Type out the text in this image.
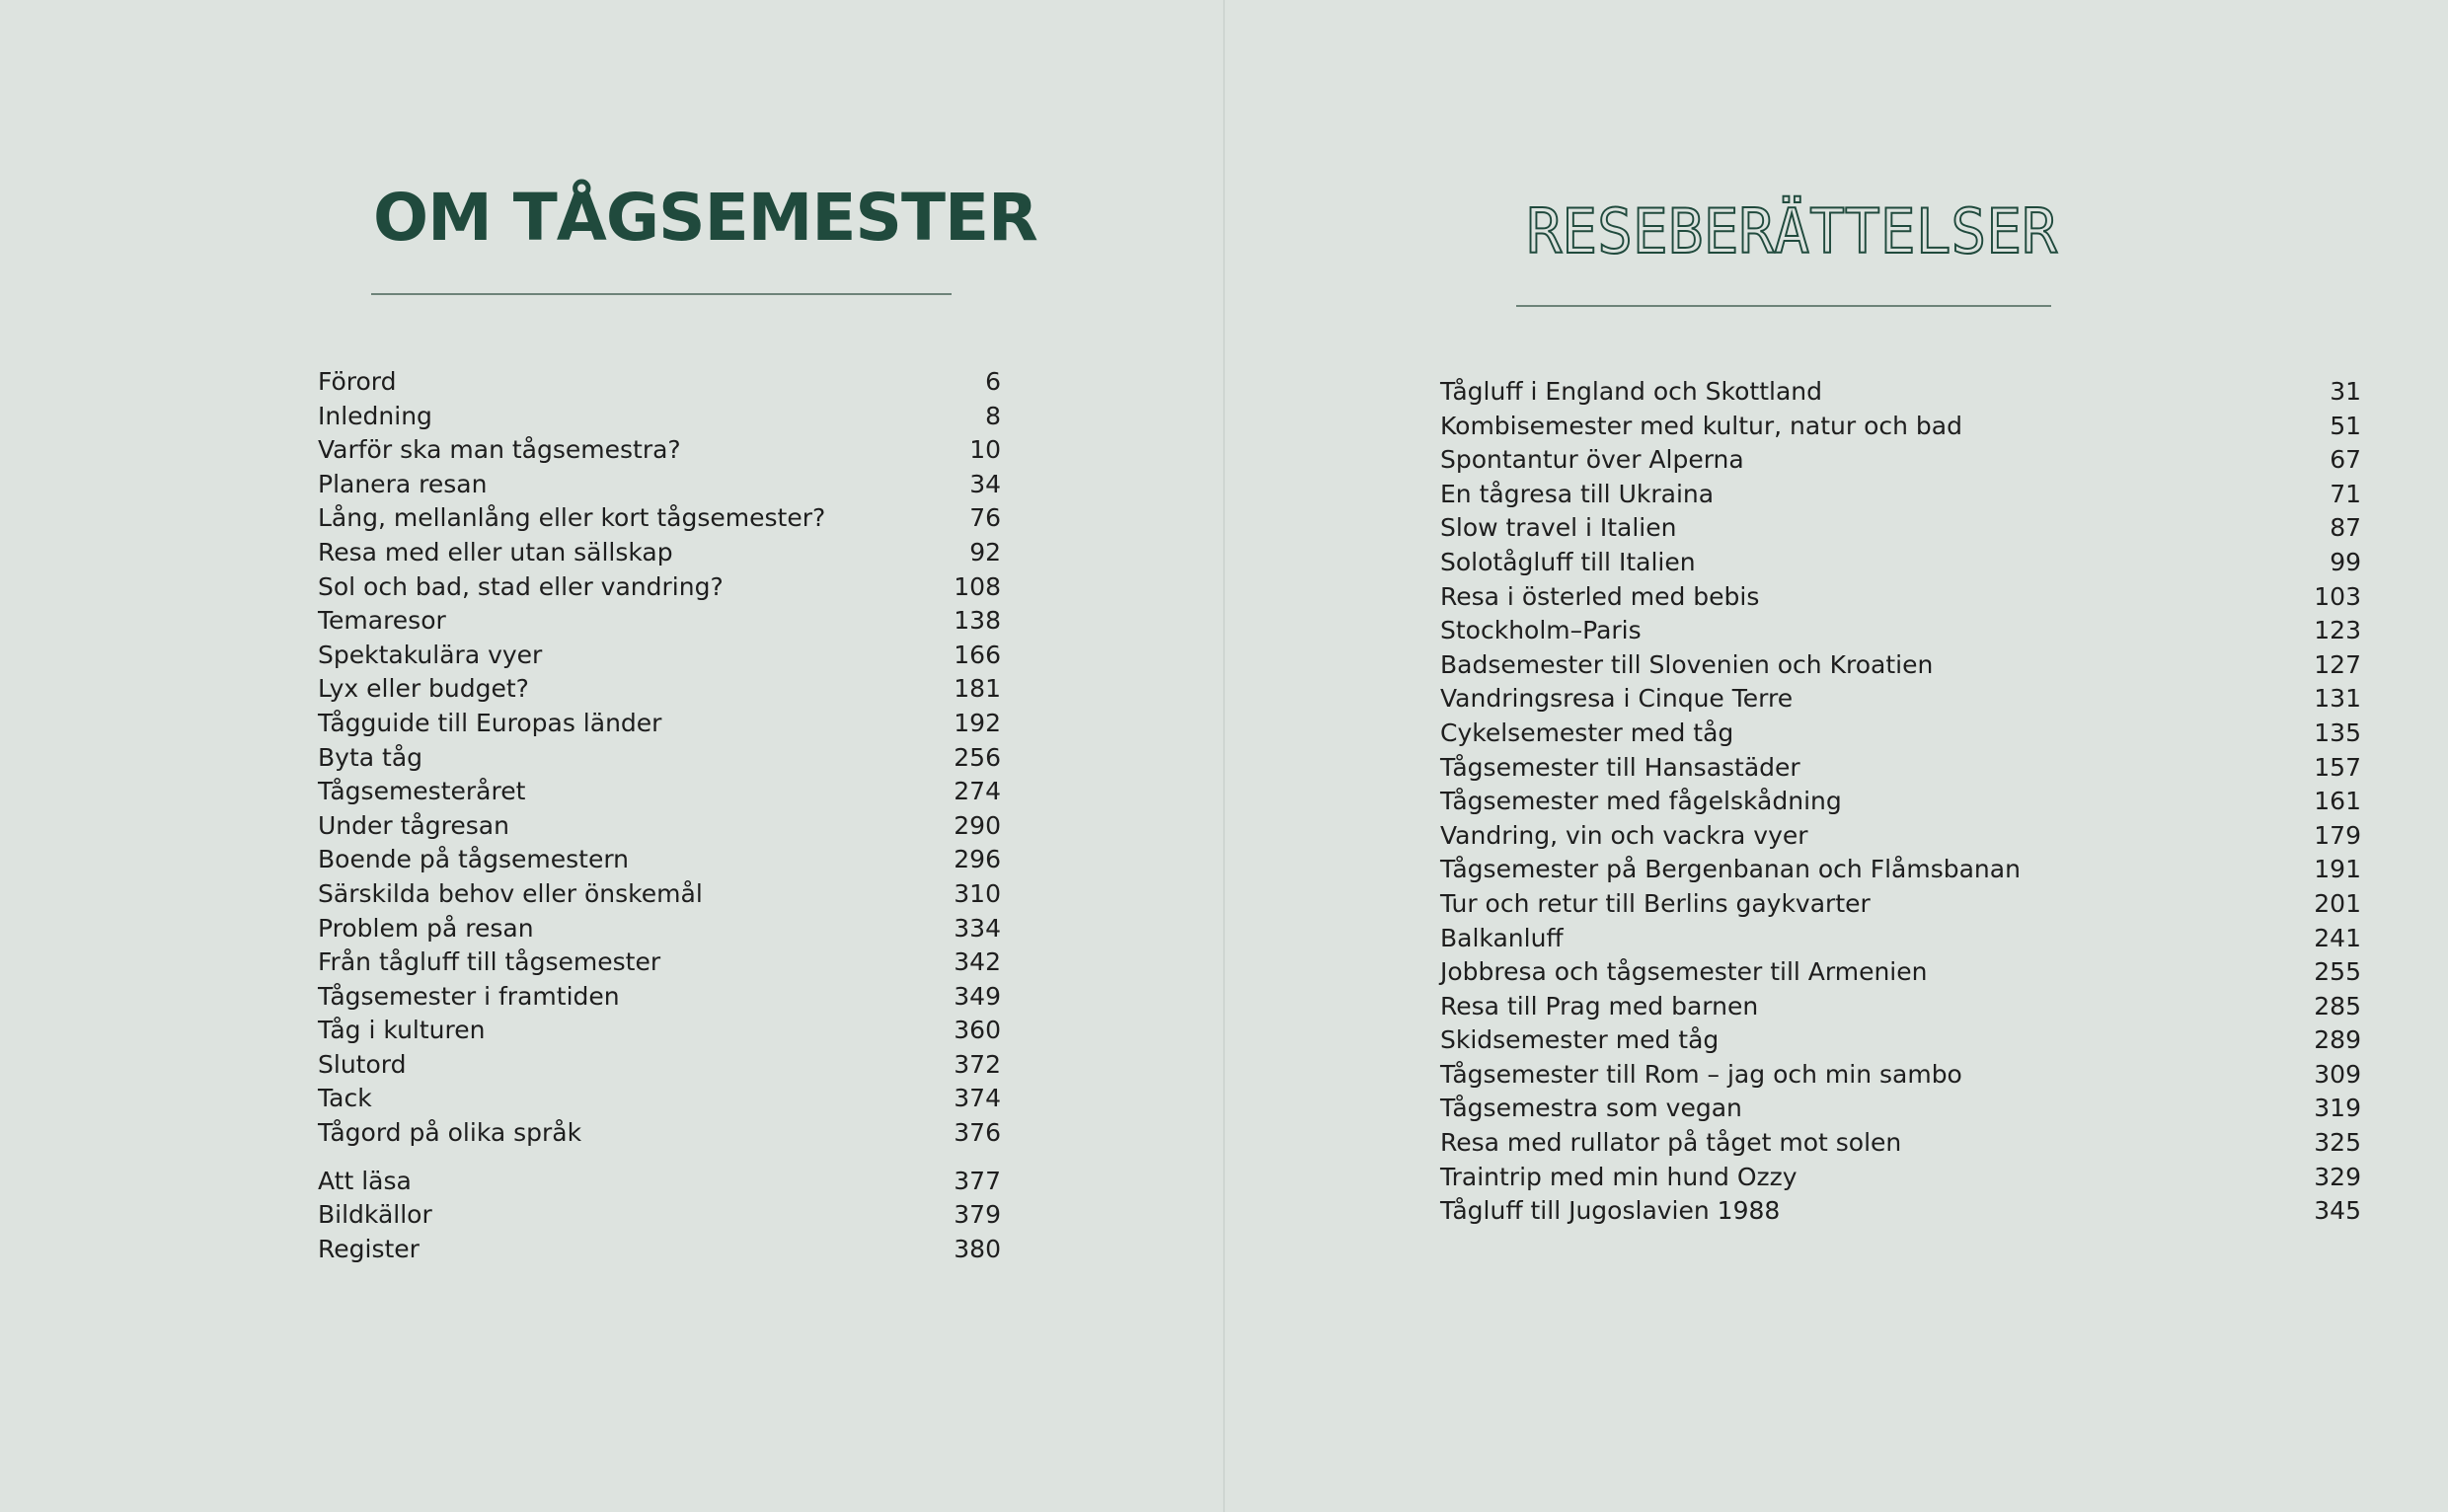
OM TÅGSEMESTER
Förord	6
Inledning	8
Varför ska man tågsemestra?	10
Planera resan	34
Lång, mellanlång eller kort tågsemester?	76
Resa med eller utan sällskap	92
Sol och bad, stad eller vandring?	108
Temaresor	138
Spektakulära vyer	166
Lyx eller budget?	181
Tågguide till Europas länder	192
Byta tåg	256
Tågsemesteråret	274
Under tågresan	290
Boende på tågsemestern	296
Särskilda behov eller önskemål	310
Problem på resan	334
Från tågluff till tågsemester	342
Tågsemester i framtiden	349
Tåg i kulturen	360
Slutord	372
Tack	374
Tågord på olika språk	376
Att läsa	377
Bildkällor	379
Register	380
RESEBERÄTTELSER
Tågluff i England och Skottland	31
Kombisemester med kultur, natur och bad	51
Spontantur över Alperna	67
En tågresa till Ukraina	71
Slow travel i Italien	87
Solotågluff till Italien	99
Resa i österled med bebis	103
Stockholm–Paris	123
Badsemester till Slovenien och Kroatien	127
Vandringsresa i Cinque Terre	131
Cykelsemester med tåg	135
Tågsemester till Hansastäder	157
Tågsemester med fågelskådning	161
Vandring, vin och vackra vyer	179
Tågsemester på Bergenbanan och Flåmsbanan	191
Tur och retur till Berlins gaykvarter	201
Balkanluff	241
Jobbresa och tågsemester till Armenien	255
Resa till Prag med barnen	285
Skidsemester med tåg	289
Tågsemester till Rom – jag och min sambo	309
Tågsemestra som vegan	319
Resa med rullator på tåget mot solen	325
Traintrip med min hund Ozzy	329
Tågluff till Jugoslavien 1988	345
